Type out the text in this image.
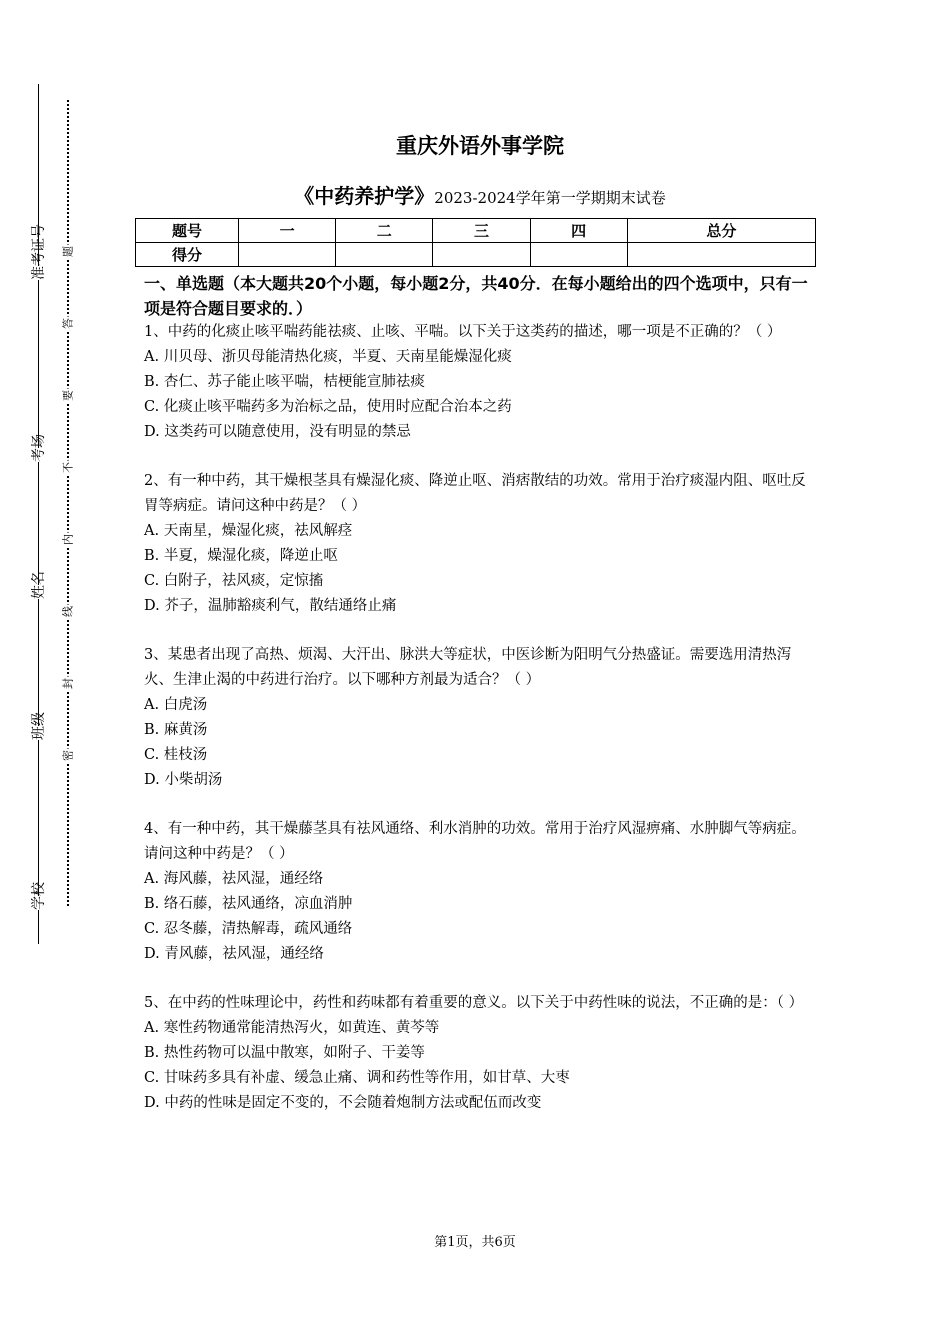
准考证号
考场
姓名
班级
学校
题
答
要
不
内
线
封
密
重庆外语外事学院
《中药养护学》2023-2024学年第一学期期末试卷
题号	一	二	三	四	总分
得分					
一、单选题（本大题共20个小题，每小题2分，共40分．在每小题给出的四个选项中，只有一项是符合题目要求的．）
1、中药的化痰止咳平喘药能祛痰、止咳、平喘。以下关于这类药的描述，哪一项是不正确的？（ ）
A. 川贝母、浙贝母能清热化痰，半夏、天南星能燥湿化痰
B. 杏仁、苏子能止咳平喘，桔梗能宣肺祛痰
C. 化痰止咳平喘药多为治标之品，使用时应配合治本之药
D. 这类药可以随意使用，没有明显的禁忌
2、有一种中药，其干燥根茎具有燥湿化痰、降逆止呕、消痞散结的功效。常用于治疗痰湿内阻、呕吐反胃等病症。请问这种中药是？（ ）
A. 天南星，燥湿化痰，祛风解痉
B. 半夏，燥湿化痰，降逆止呕
C. 白附子，祛风痰，定惊搐
D. 芥子，温肺豁痰利气，散结通络止痛
3、某患者出现了高热、烦渴、大汗出、脉洪大等症状，中医诊断为阳明气分热盛证。需要选用清热泻火、生津止渴的中药进行治疗。以下哪种方剂最为适合？（ ）
A. 白虎汤
B. 麻黄汤
C. 桂枝汤
D. 小柴胡汤
4、有一种中药，其干燥藤茎具有祛风通络、利水消肿的功效。常用于治疗风湿痹痛、水肿脚气等病症。请问这种中药是？（ ）
A. 海风藤，祛风湿，通经络
B. 络石藤，祛风通络，凉血消肿
C. 忍冬藤，清热解毒，疏风通络
D. 青风藤，祛风湿，通经络
5、在中药的性味理论中，药性和药味都有着重要的意义。以下关于中药性味的说法，不正确的是：（ ）
A. 寒性药物通常能清热泻火，如黄连、黄芩等
B. 热性药物可以温中散寒，如附子、干姜等
C. 甘味药多具有补虚、缓急止痛、调和药性等作用，如甘草、大枣
D. 中药的性味是固定不变的，不会随着炮制方法或配伍而改变
第1页，共6页
